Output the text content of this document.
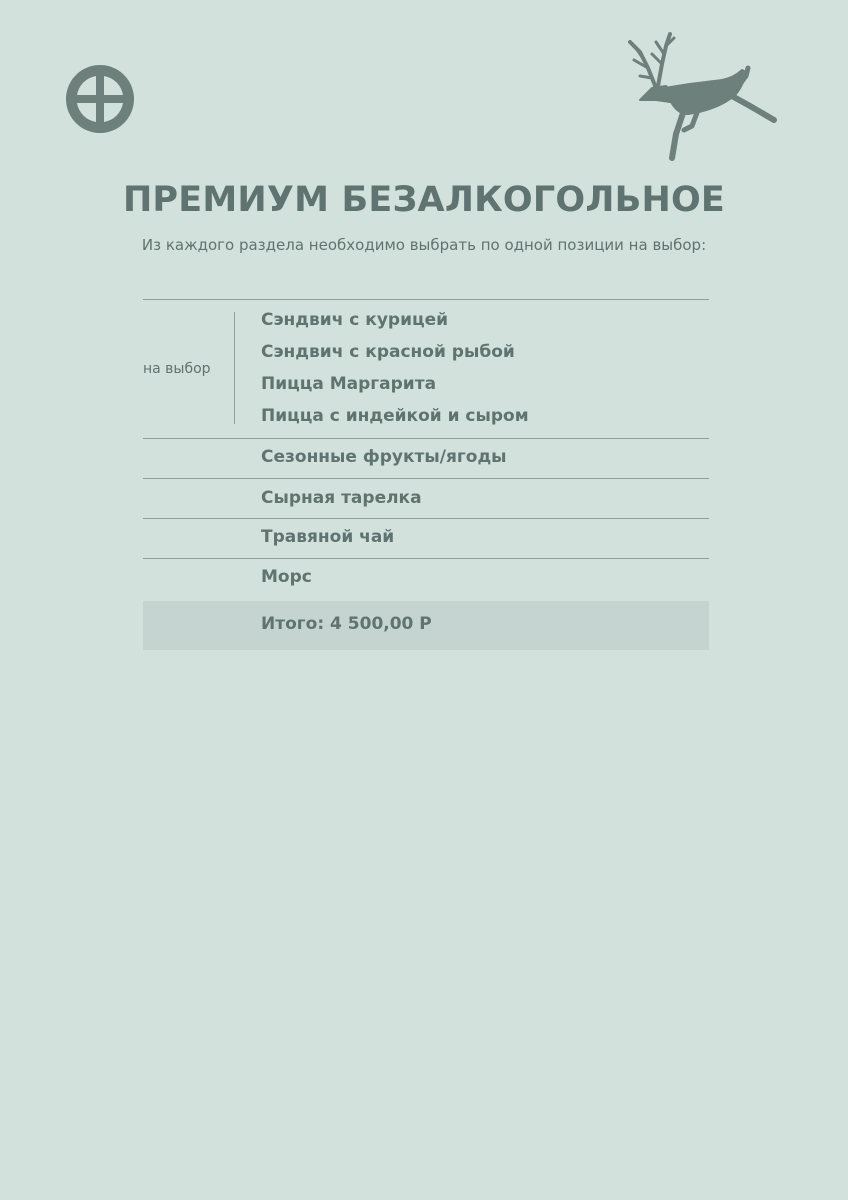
ПРЕМИУМ БЕЗАЛКОГОЛЬНОЕ
Из каждого раздела необходимо выбрать по одной позиции на выбор:
на выбор
Сэндвич с курицей
Сэндвич с красной рыбой
Пицца Маргарита
Пицца с индейкой и сыром
Сезонные фрукты/ягоды
Сырная тарелка
Травяной чай
Морс
Итого: 4 500,00 Р
